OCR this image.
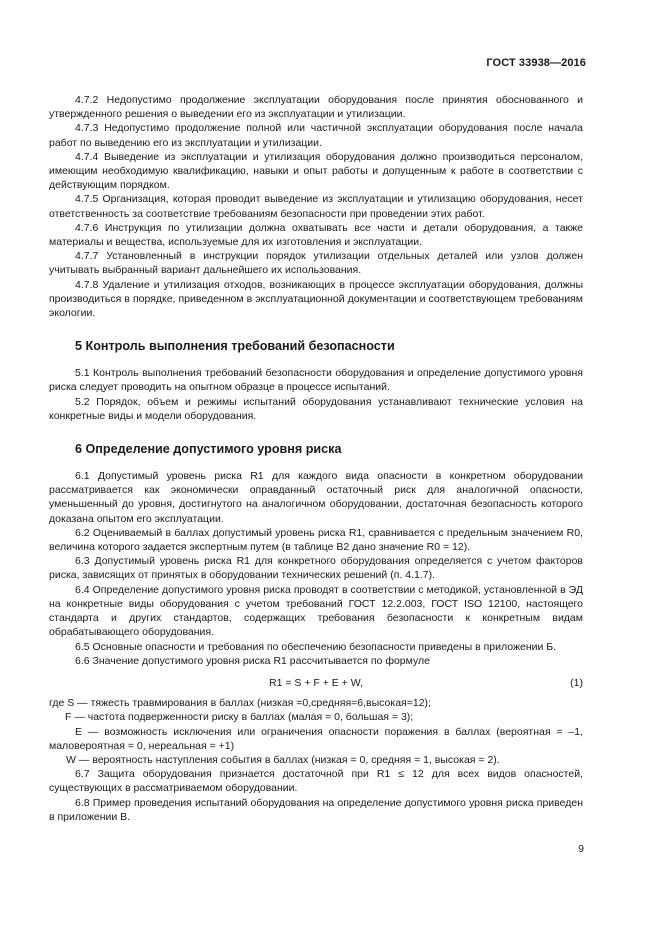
ГОСТ 33938—2016

4.7.2 Недопустимо продолжение эксплуатации оборудования после принятия обоснованного и утвержденного решения о выведении его из эксплуатации и утилизации.

4.7.3 Недопустимо продолжение полной или частичной эксплуатации оборудования после начала работ по выведению его из эксплуатации и утилизации.

4.7.4 Выведение из эксплуатации и утилизация оборудования должно производиться персоналом, имеющим необходимую квалификацию, навыки и опыт работы и допущенным к работе в соответствии с действующим порядком.

4.7.5 Организация, которая проводит выведение из эксплуатации и утилизацию оборудования, несет ответственность за соответствие требованиям безопасности при проведении этих работ.

4.7.6 Инструкция по утилизации должна охватывать все части и детали оборудования, а также материалы и вещества, используемые для их изготовления и эксплуатации.

4.7.7 Установленный в инструкции порядок утилизации отдельных деталей или узлов должен учитывать выбранный вариант дальнейшего их использования.

4.7.8 Удаление и утилизация отходов, возникающих в процессе эксплуатации оборудования, должны производиться в порядке, приведенном в эксплуатационной документации и соответствующем требованиям экологии.

5 Контроль выполнения требований безопасности

5.1 Контроль выполнения требований безопасности оборудования и определение допустимого уровня риска следует проводить на опытном образце в процессе испытаний.

5.2 Порядок, объем и режимы испытаний оборудования устанавливают технические условия на конкретные виды и модели оборудования.

6 Определение допустимого уровня риска

6.1 Допустимый уровень риска R1 для каждого вида опасности в конкретном оборудовании рассматривается как экономически оправданный остаточный риск для аналогичной опасности, уменьшенный до уровня, достигнутого на аналогичном оборудовании, достаточная безопасность которого доказана опытом его эксплуатации.

6.2 Оцениваемый в баллах допустимый уровень риска R1, сравнивается с предельным значением R0, величина которого задается экспертным путем (в таблице В2 дано значение R0 = 12).

6.3 Допустимый уровень риска R1 для конкретного оборудования определяется с учетом факторов риска, зависящих от принятых в оборудовании технических решений (п. 4.1.7).

6.4 Определение допустимого уровня риска проводят в соответствии с методикой, установленной в ЭД на конкретные виды оборудования с учетом требований ГОСТ 12.2.003, ГОСТ ISO 12100, настоящего стандарта и других стандартов, содержащих требования безопасности к конкретным видам обрабатывающего оборудования.

6.5 Основные опасности и требования по обеспечению безопасности приведены в приложении Б.

6.6 Значение допустимого уровня риска R1 рассчитывается по формуле

R1 = S + F + E + W,	(1)

где S — тяжесть травмирования в баллах (низкая =0,средняя=6,высокая=12);

F — частота подверженности риску в баллах (малая = 0, большая = 3);

E — возможность исключения или ограничения опасности поражения в баллах (вероятная = –1, маловероятная = 0, нереальная = +1)

W — вероятность наступления события в баллах (низкая = 0, средняя = 1, высокая = 2).

6.7 Защита оборудования признается достаточной при R1 ≤ 12 для всех видов опасностей, существующих в рассматриваемом оборудовании.

6.8 Пример проведения испытаний оборудования на определение допустимого уровня риска приведен в приложении В.

9
